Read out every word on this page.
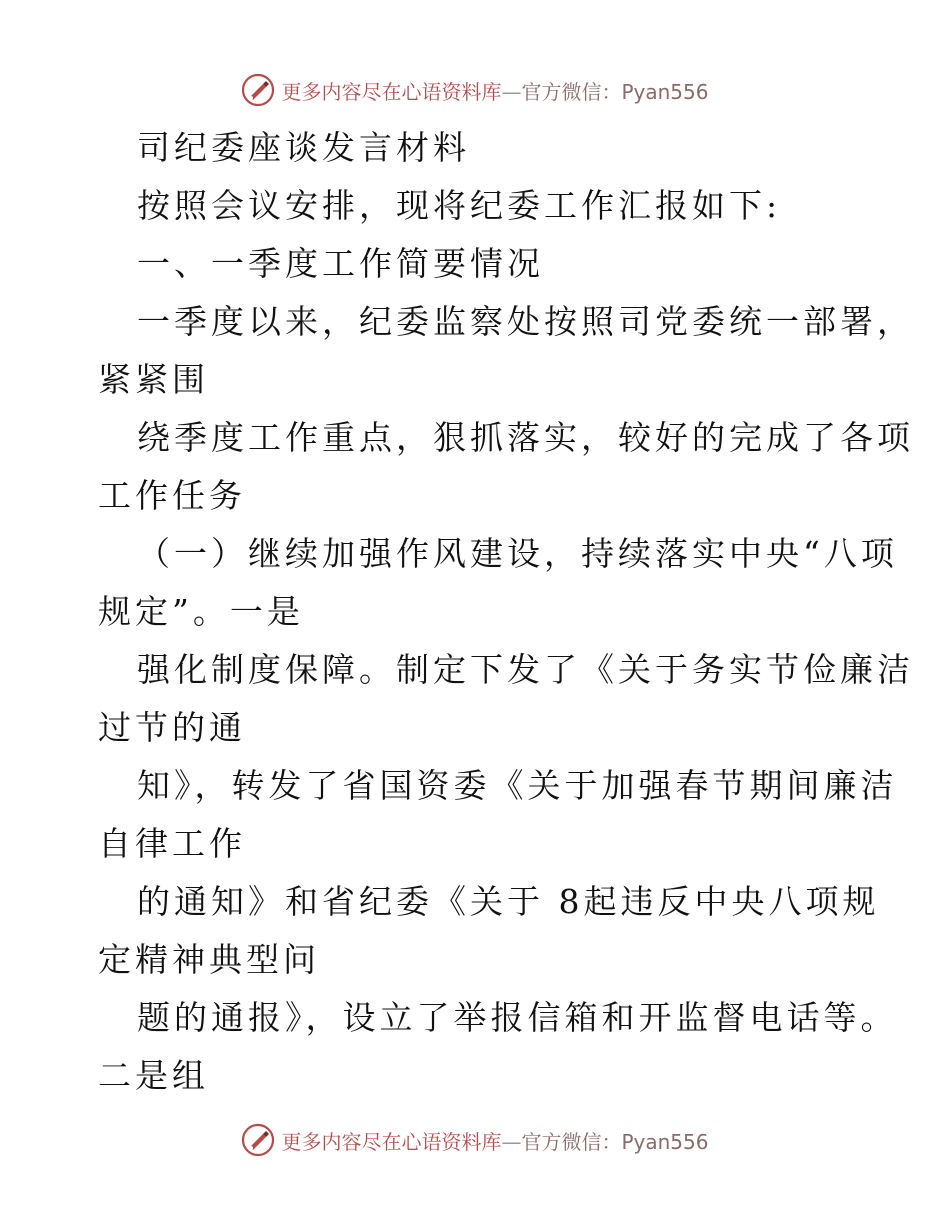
更多内容尽在心语资料库—官方微信：Pyan556
司纪委座谈发言材料
按照会议安排，现将纪委工作汇报如下:
一、一季度工作简要情况
一季度以来，纪委监察处按照司党委统一部署，
紧紧围
绕季度工作重点，狠抓落实，较好的完成了各项
工作任务
（一）继续加强作风建设，持续落实中央“八项
规定”。一是
强化制度保障。制定下发了《关于务实节俭廉洁
过节的通
知》，转发了省国资委《关于加强春节期间廉洁
自律工作
的通知》和省纪委《关于 8起违反中央八项规
定精神典型问
题的通报》，设立了举报信箱和开监督电话等。
二是组
更多内容尽在心语资料库—官方微信：Pyan556
